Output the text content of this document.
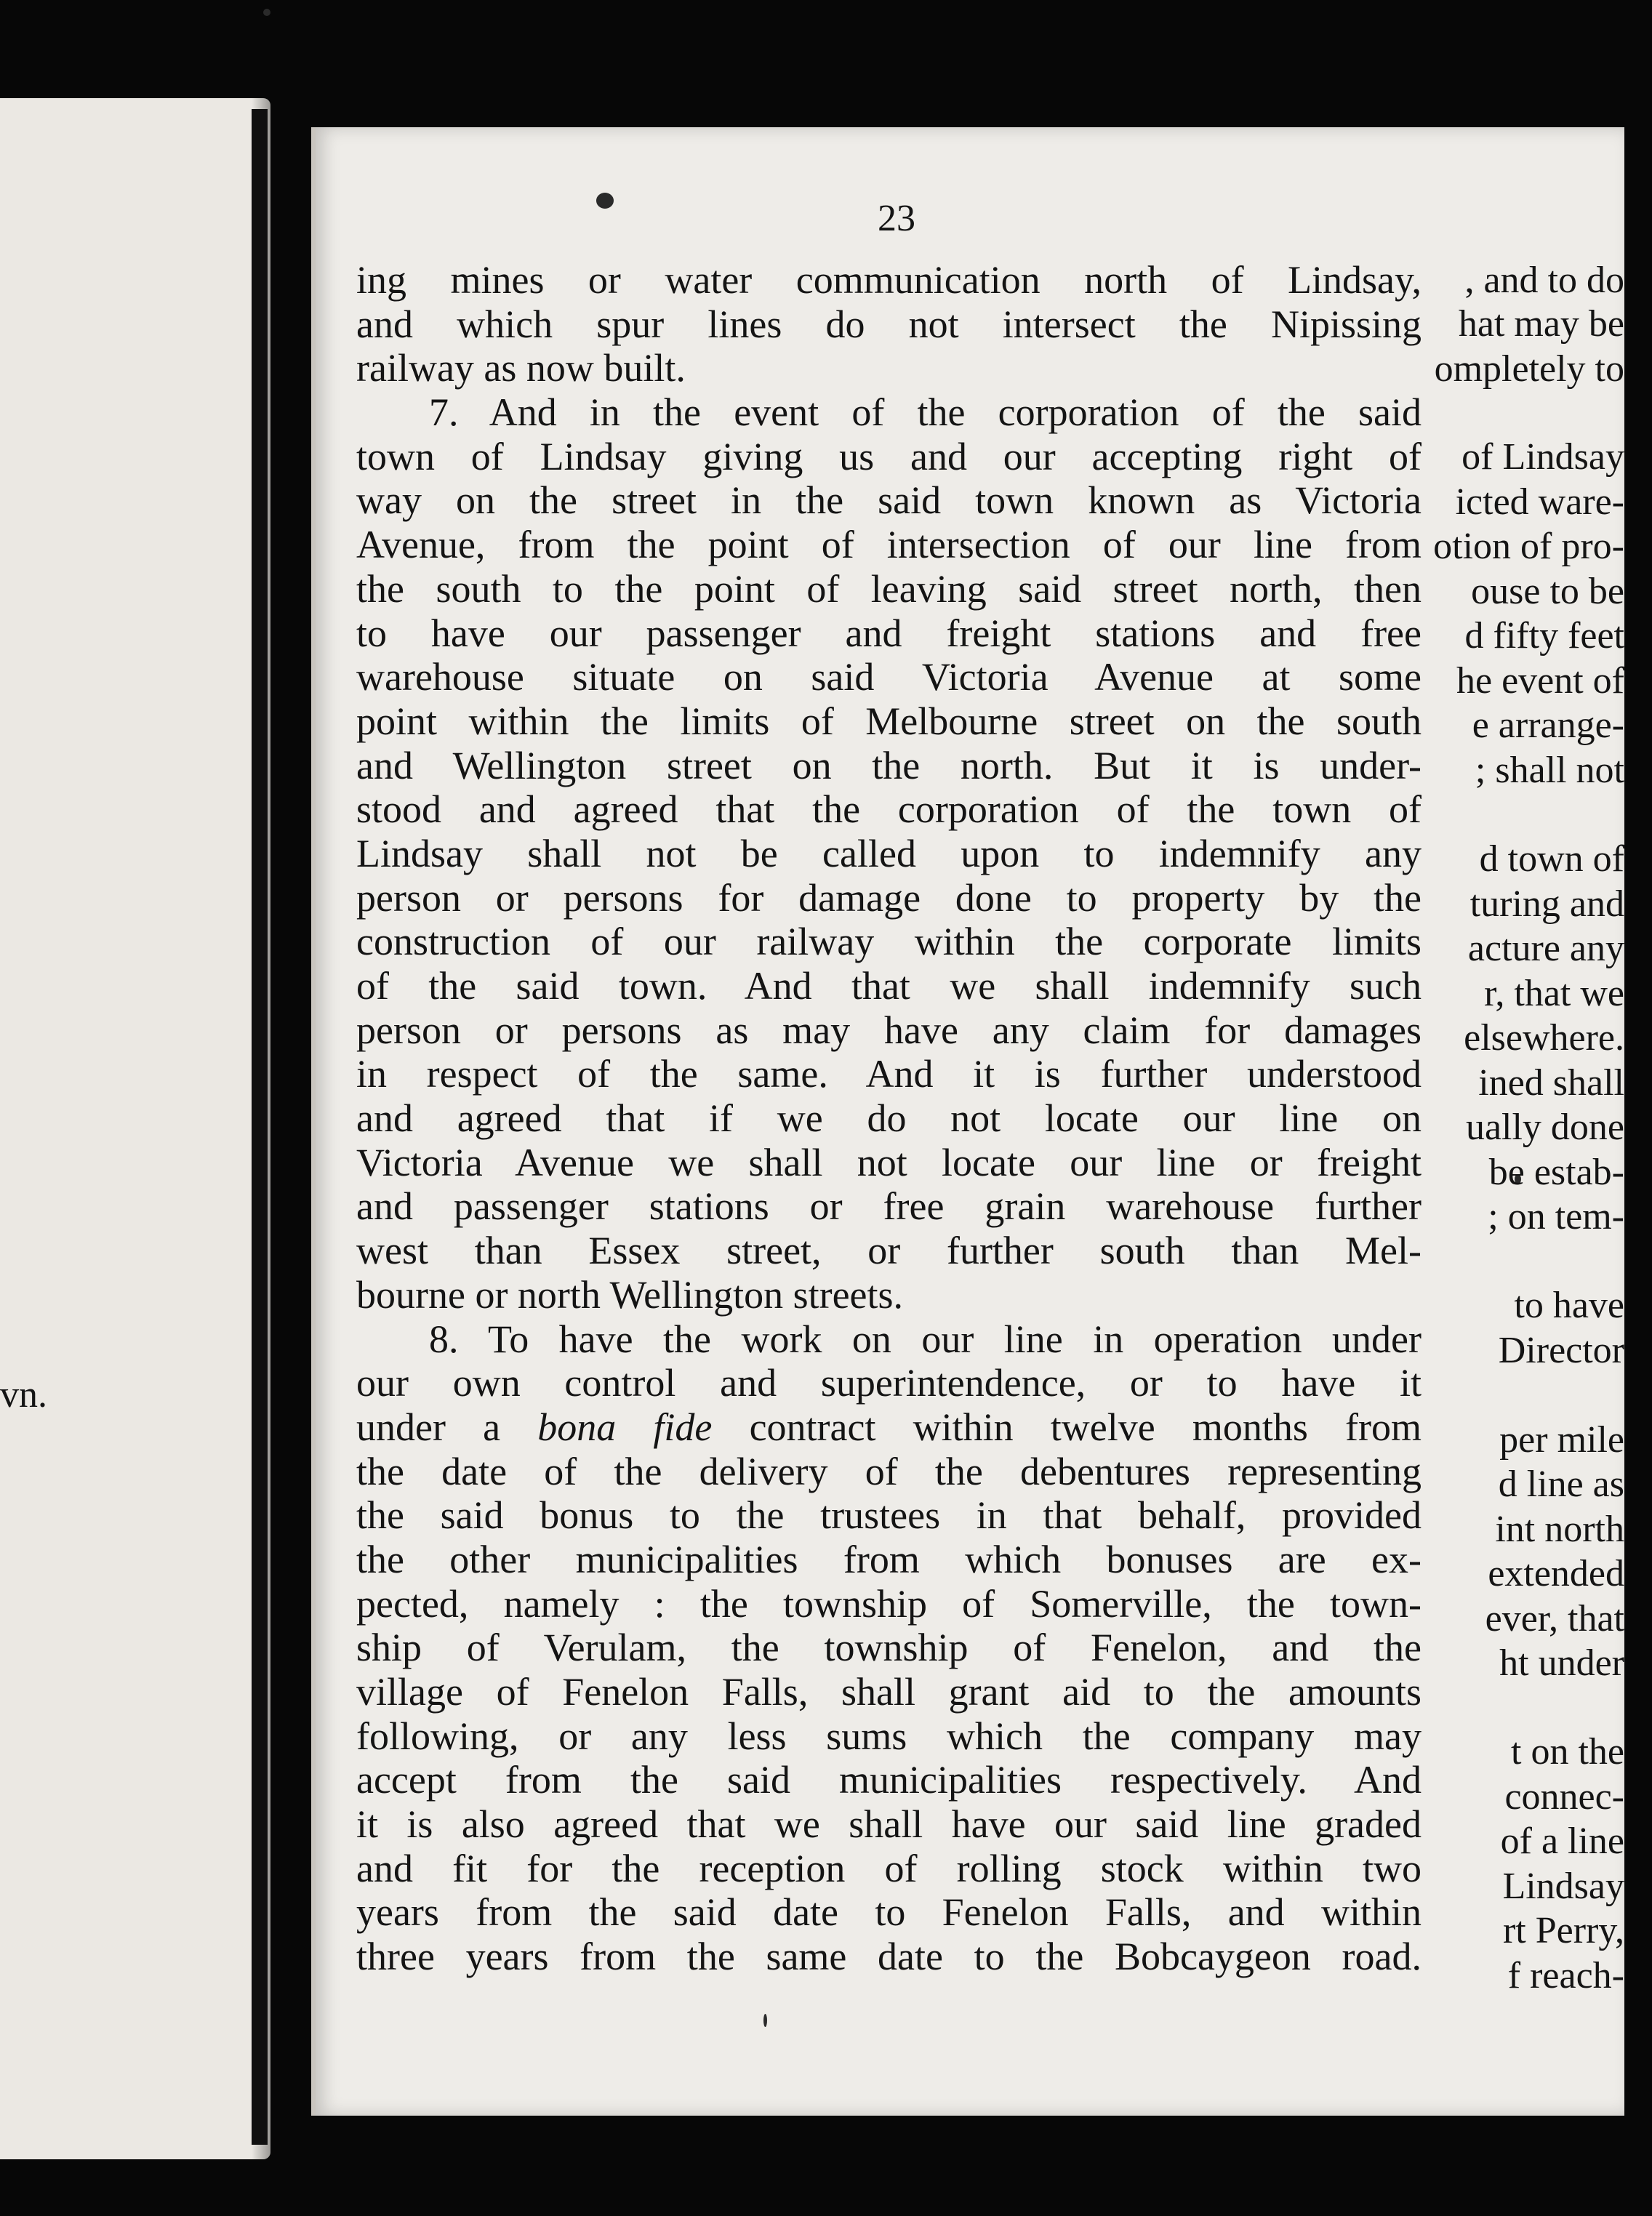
, and to do
hat may be
ompletely to
of Lindsay
icted ware-
otion of pro-
ouse to be
d fifty feet
he event of
e arrange-
; shall not
d town of
turing and
acture any
r, that we
elsewhere.
ined shall
ually done
be estab-
; on tem-
to have
Director
vn.
per mile
d line as
int north
extended
ever, that
ht under
t on the
connec-
of a line
Lindsay
rt Perry,
f reach-
23
ing mines or water communication north of Lindsay,
and which spur lines do not intersect the Nipissing
railway as now built.
7. And in the event of the corporation of the said
town of Lindsay giving us and our accepting right of
way on the street in the said town known as Victoria
Avenue, from the point of intersection of our line from
the south to the point of leaving said street north, then
to have our passenger and freight stations and free
warehouse situate on said Victoria Avenue at some
point within the limits of Melbourne street on the south
and Wellington street on the north. But it is under-
stood and agreed that the corporation of the town of
Lindsay shall not be called upon to indemnify any
person or persons for damage done to property by the
construction of our railway within the corporate limits
of the said town. And that we shall indemnify such
person or persons as may have any claim for damages
in respect of the same. And it is further understood
and agreed that if we do not locate our line on
Victoria Avenue we shall not locate our line or freight
and passenger stations or free grain warehouse further
west than Essex street, or further south than Mel-
bourne or north Wellington streets.
8. To have the work on our line in operation under
our own control and superintendence, or to have it
under a bona fide contract within twelve months from
the date of the delivery of the debentures representing
the said bonus to the trustees in that behalf, provided
the other municipalities from which bonuses are ex-
pected, namely : the township of Somerville, the town-
ship of Verulam, the township of Fenelon, and the
village of Fenelon Falls, shall grant aid to the amounts
following, or any less sums which the company may
accept from the said municipalities respectively. And
it is also agreed that we shall have our said line graded
and fit for the reception of rolling stock within two
years from the said date to Fenelon Falls, and within
three years from the same date to the Bobcaygeon road.
